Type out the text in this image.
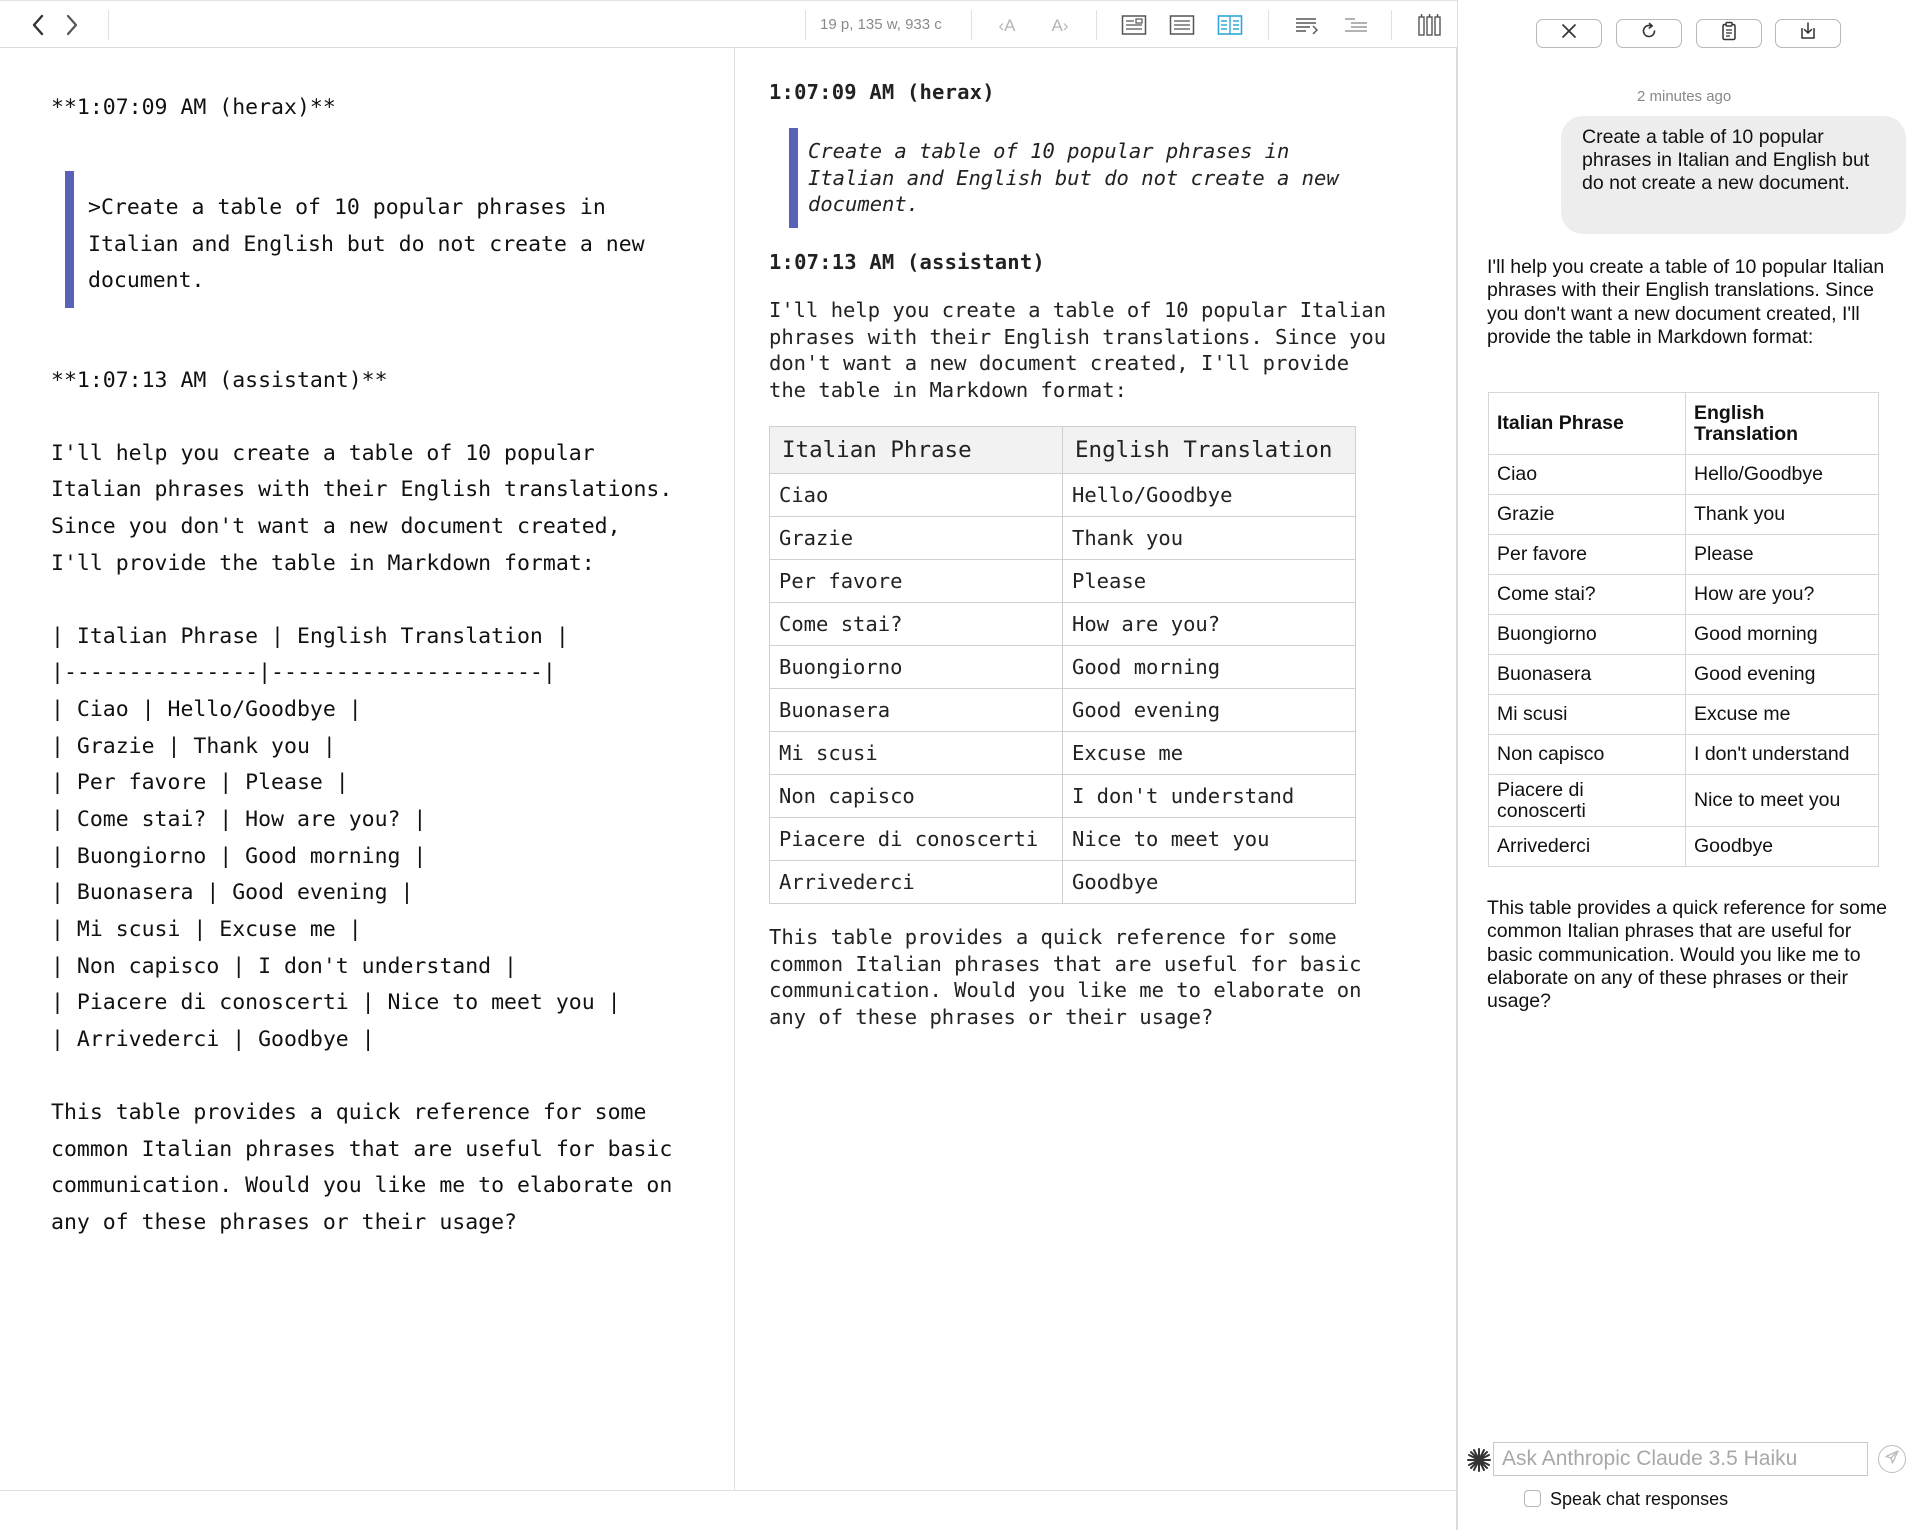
19 p, 135 w, 933 c	‹A A›
**1:07:09 AM (herax)**
>Create a table of 10 popular phrases in
Italian and English but do not create a new
document.
**1:07:13 AM (assistant)**
I'll help you create a table of 10 popular
Italian phrases with their English translations.
Since you don't want a new document created,
I'll provide the table in Markdown format:
| Italian Phrase | English Translation |
|---------------|---------------------|
| Ciao | Hello/Goodbye |
| Grazie | Thank you |
| Per favore | Please |
| Come stai? | How are you? |
| Buongiorno | Good morning |
| Buonasera | Good evening |
| Mi scusi | Excuse me |
| Non capisco | I don't understand |
| Piacere di conoscerti | Nice to meet you |
| Arrivederci | Goodbye |
This table provides a quick reference for some
common Italian phrases that are useful for basic
communication. Would you like me to elaborate on
any of these phrases or their usage?
1:07:09 AM (herax)
Create a table of 10 popular phrases in
Italian and English but do not create a new
document.
1:07:13 AM (assistant)
I'll help you create a table of 10 popular Italian
phrases with their English translations. Since you
don't want a new document created, I'll provide
the table in Markdown format:
Italian Phrase	English Translation
Ciao	Hello/Goodbye
Grazie	Thank you
Per favore	Please
Come stai?	How are you?
Buongiorno	Good morning
Buonasera	Good evening
Mi scusi	Excuse me
Non capisco	I don't understand
Piacere di conoscerti	Nice to meet you
Arrivederci	Goodbye
This table provides a quick reference for some
common Italian phrases that are useful for basic
communication. Would you like me to elaborate on
any of these phrases or their usage?
2 minutes ago
Create a table of 10 popular phrases in Italian and English but do not create a new document.
I'll help you create a table of 10 popular Italian phrases with their English translations. Since you don't want a new document created, I'll provide the table in Markdown format:
Italian Phrase	English Translation
Ciao	Hello/Goodbye
Grazie	Thank you
Per favore	Please
Come stai?	How are you?
Buongiorno	Good morning
Buonasera	Good evening
Mi scusi	Excuse me
Non capisco	I don't understand
Piacere di conoscerti	Nice to meet you
Arrivederci	Goodbye
This table provides a quick reference for some common Italian phrases that are useful for basic communication. Would you like me to elaborate on any of these phrases or their usage?
Ask Anthropic Claude 3.5 Haiku
Speak chat responses
